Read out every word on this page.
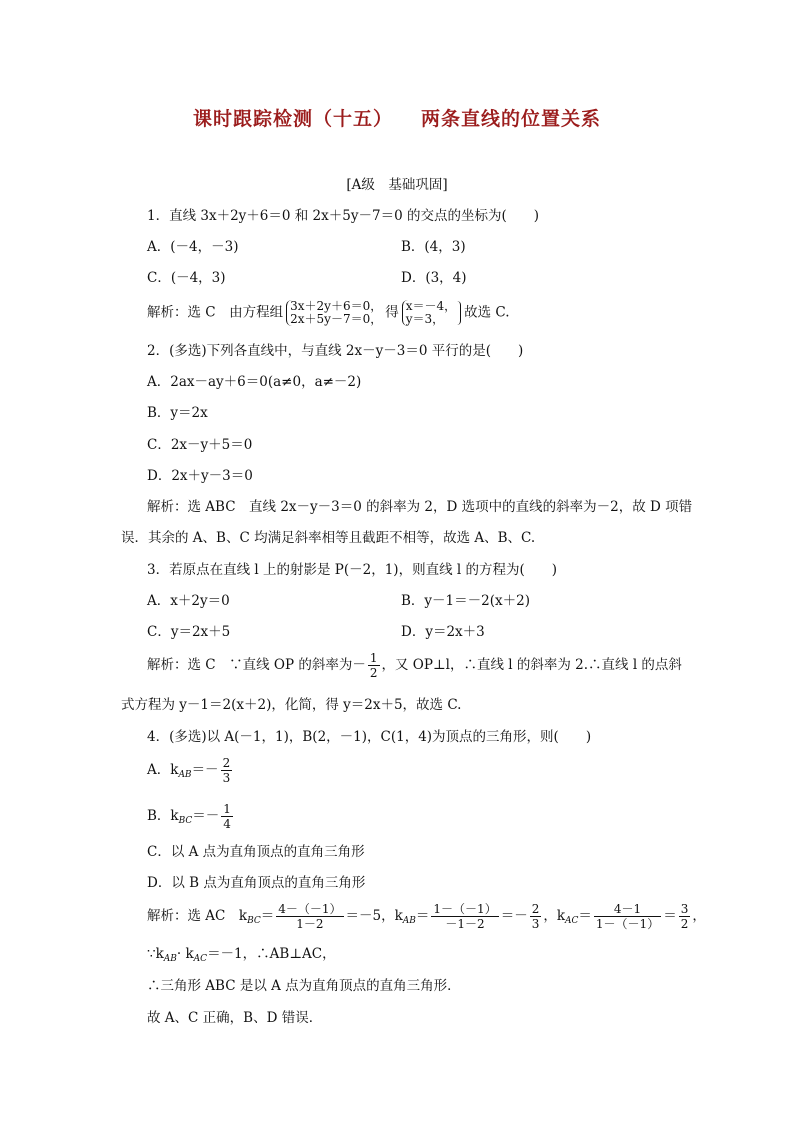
课时跟踪检测（十五） 两条直线的位置关系
[A级　基础巩固]
1．直线 3x＋2y＋6＝0 和 2x＋5y－7＝0 的交点的坐标为(　　)
A．(－4，－3)	B．(4，3)
C．(－4，3)	D．(3，4)
解析：选 C　由方程组 3x＋2y＋6＝0，
2x＋5y－7＝0， 得 x＝－4，
y＝3，	故选 C.
2．(多选)下列各直线中，与直线 2x－y－3＝0 平行的是(　　)
A．2ax－ay＋6＝0(a≠0，a≠－2)
B．y＝2x
C．2x－y＋5＝0
D．2x＋y－3＝0
解析：选 ABC　直线 2x－y－3＝0 的斜率为 2，D 选项中的直线的斜率为－2，故 D 项错
误．其余的 A、B、C 均满足斜率相等且截距不相等，故选 A、B、C.
3．若原点在直线 l 上的射影是 P(－2，1)，则直线 l 的方程为(　　)
A．x＋2y＝0	B．y－1＝－2(x＋2)
C．y＝2x＋5	D．y＝2x＋3
解析：选 C　∵直线 OP 的斜率为－ $\frac{1}{2}$ ，又 OP⊥l，∴直线 l 的斜率为 2.∴直线 l 的点斜
式方程为 y－1＝2(x＋2)，化简，得 y＝2x＋5，故选 C.
4．(多选)以 A(－1，1)，B(2，－1)，C(1，4)为顶点的三角形，则(　　)
A．$k_{AB}=- \frac{2}{3}$
B．$k_{BC}=- \frac{1}{4}$
C．以 A 点为直角顶点的直角三角形
D．以 B 点为直角顶点的直角三角形
解析：选 AC　$k_{BC}= \frac{4-(-1)}{1-2} =-5$，$k_{AB}= \frac{1-(-1)}{-1-2} =- \frac{2}{3}$ ，$k_{AC}= \frac{4-1}{1-(-1)} = \frac{3}{2}$ ，
$\because k_{AB}\cdot k_{AC}=-1$，∴AB⊥AC，
∴三角形 ABC 是以 A 点为直角顶点的直角三角形．
故 A、C 正确，B、D 错误．
